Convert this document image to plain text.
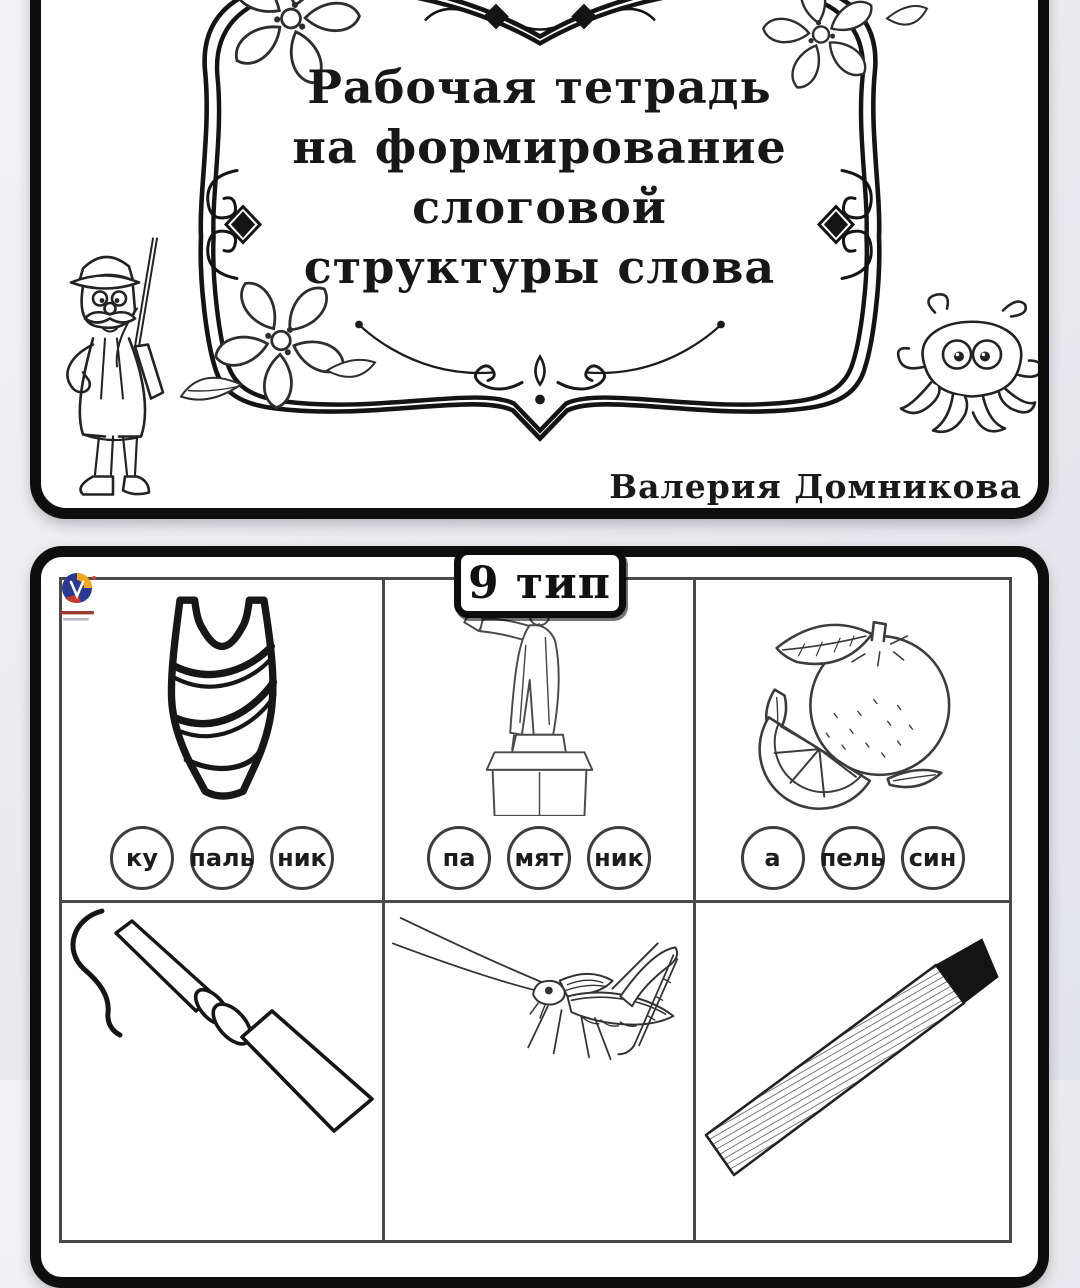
Рабочая тетрадь
на формирование
слоговой
структуры слова
Валерия Домникова
9 тип
ку	паль ник	па	мят	ник	а	пель син
